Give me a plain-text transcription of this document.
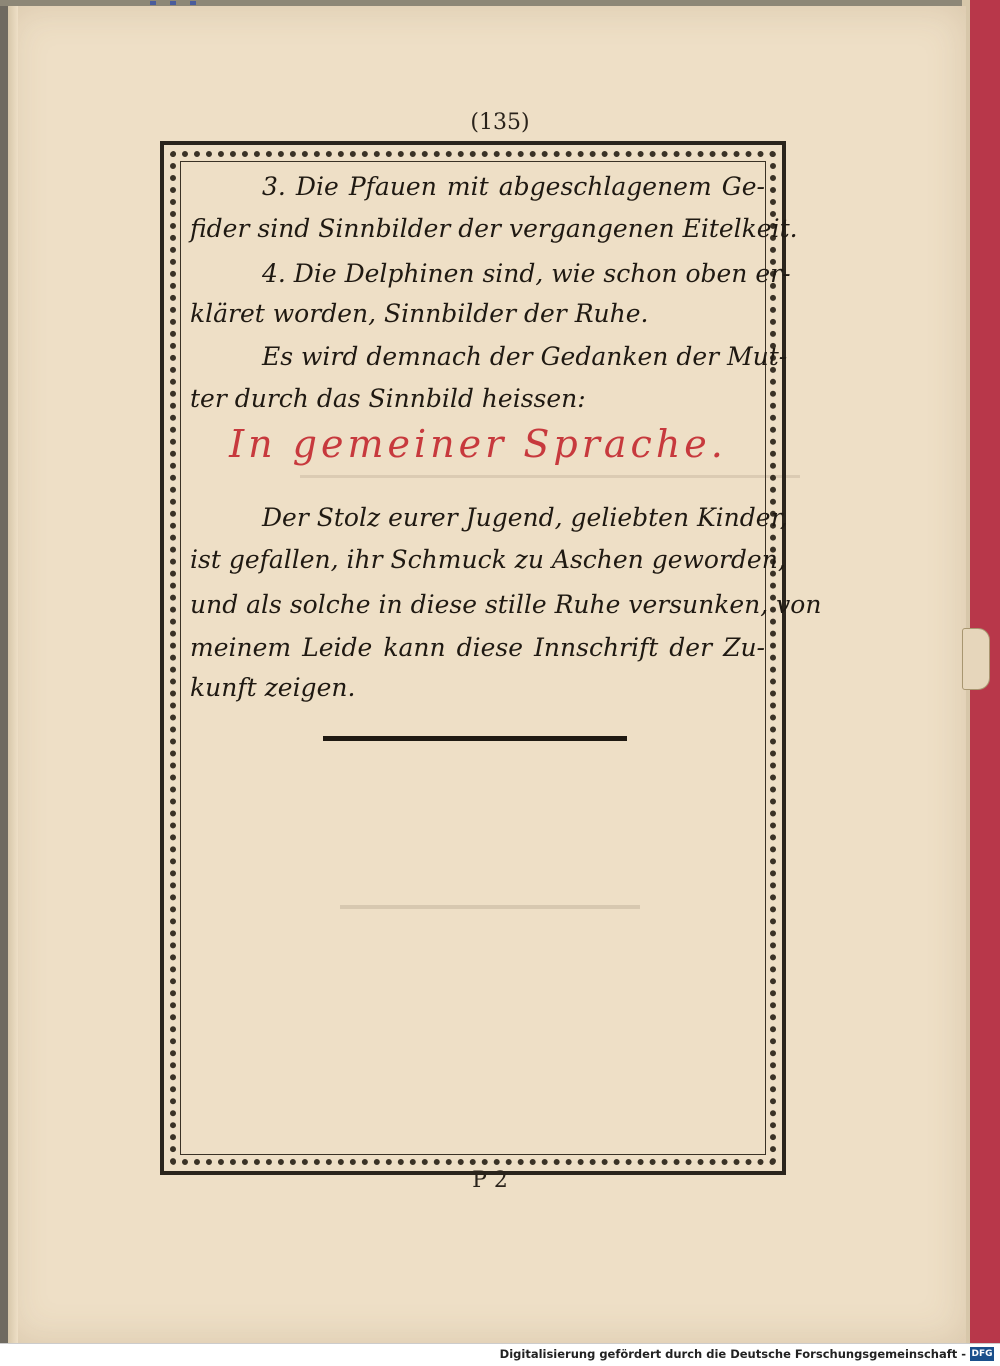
(135)
3. Die Pfauen mit abgeschlagenem Ge-
fider sind Sinnbilder der vergangenen Eitelkeit.
4. Die Delphinen sind, wie schon oben er-
kläret worden, Sinnbilder der Ruhe.
Es wird demnach der Gedanken der Mut-
ter durch das Sinnbild heissen:
In gemeiner Sprache.
Der Stolz eurer Jugend, geliebten Kinder,
ist gefallen, ihr Schmuck zu Aschen geworden,
und als solche in diese stille Ruhe versunken, von
meinem Leide kann diese Innschrift der Zu-
kunft zeigen.
P 2
Digitalisierung gefördert durch die Deutsche Forschungsgemeinschaft - DFG
